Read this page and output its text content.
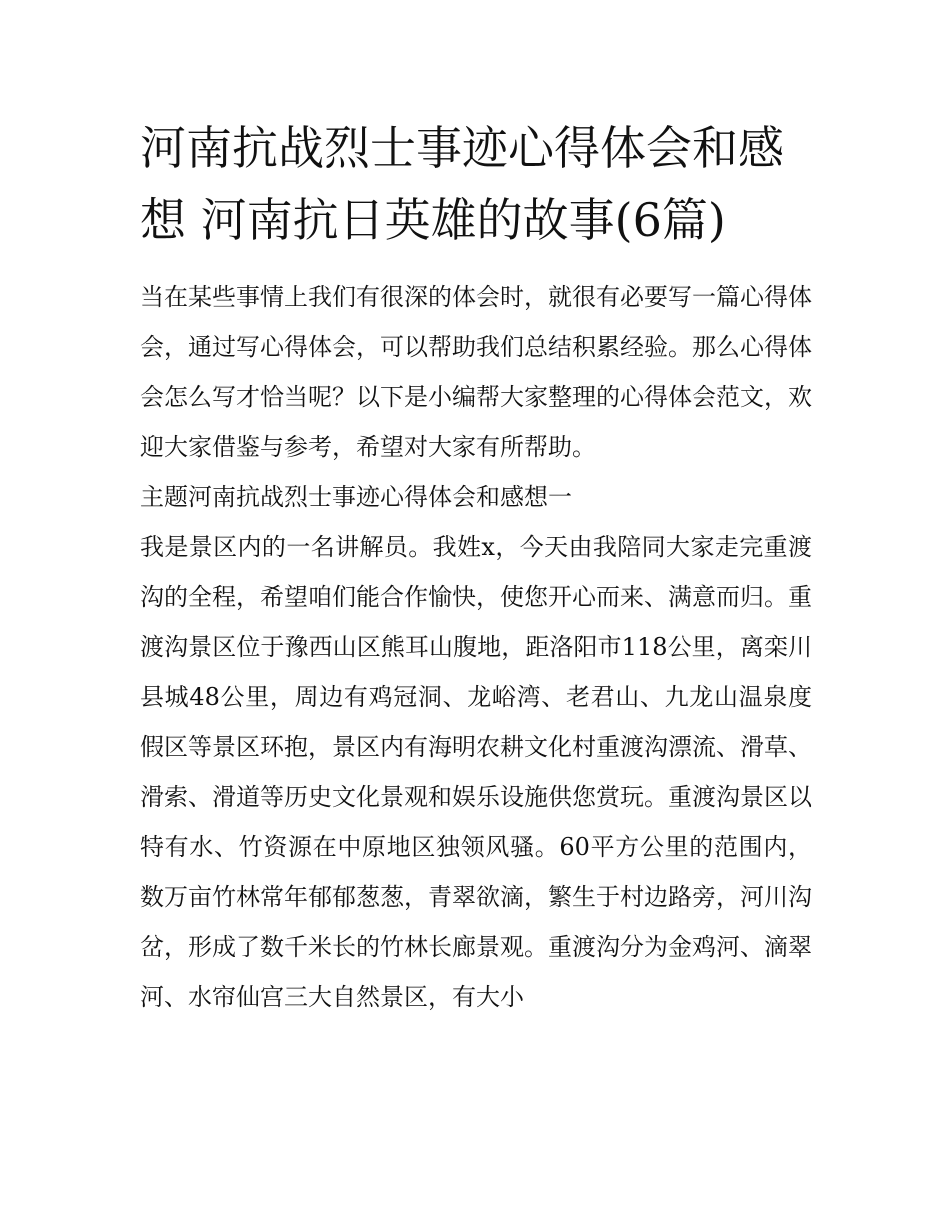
河南抗战烈士事迹心得体会和感想 河南抗日英雄的故事(6篇)

当在某些事情上我们有很深的体会时，就很有必要写一篇心得体会，通过写心得体会，可以帮助我们总结积累经验。那么心得体会怎么写才恰当呢？以下是小编帮大家整理的心得体会范文，欢迎大家借鉴与参考，希望对大家有所帮助。

主题河南抗战烈士事迹心得体会和感想一

我是景区内的一名讲解员。我姓x，今天由我陪同大家走完重渡沟的全程，希望咱们能合作愉快，使您开心而来、满意而归。重渡沟景区位于豫西山区熊耳山腹地，距洛阳市118公里，离栾川县城48公里，周边有鸡冠洞、龙峪湾、老君山、九龙山温泉度假区等景区环抱，景区内有海明农耕文化村重渡沟漂流、滑草、滑索、滑道等历史文化景观和娱乐设施供您赏玩。重渡沟景区以特有水、竹资源在中原地区独领风骚。60平方公里的范围内，数万亩竹林常年郁郁葱葱，青翠欲滴，繁生于村边路旁，河川沟岔，形成了数千米长的竹林长廊景观。重渡沟分为金鸡河、滴翠河、水帘仙宫三大自然景区，有大小
